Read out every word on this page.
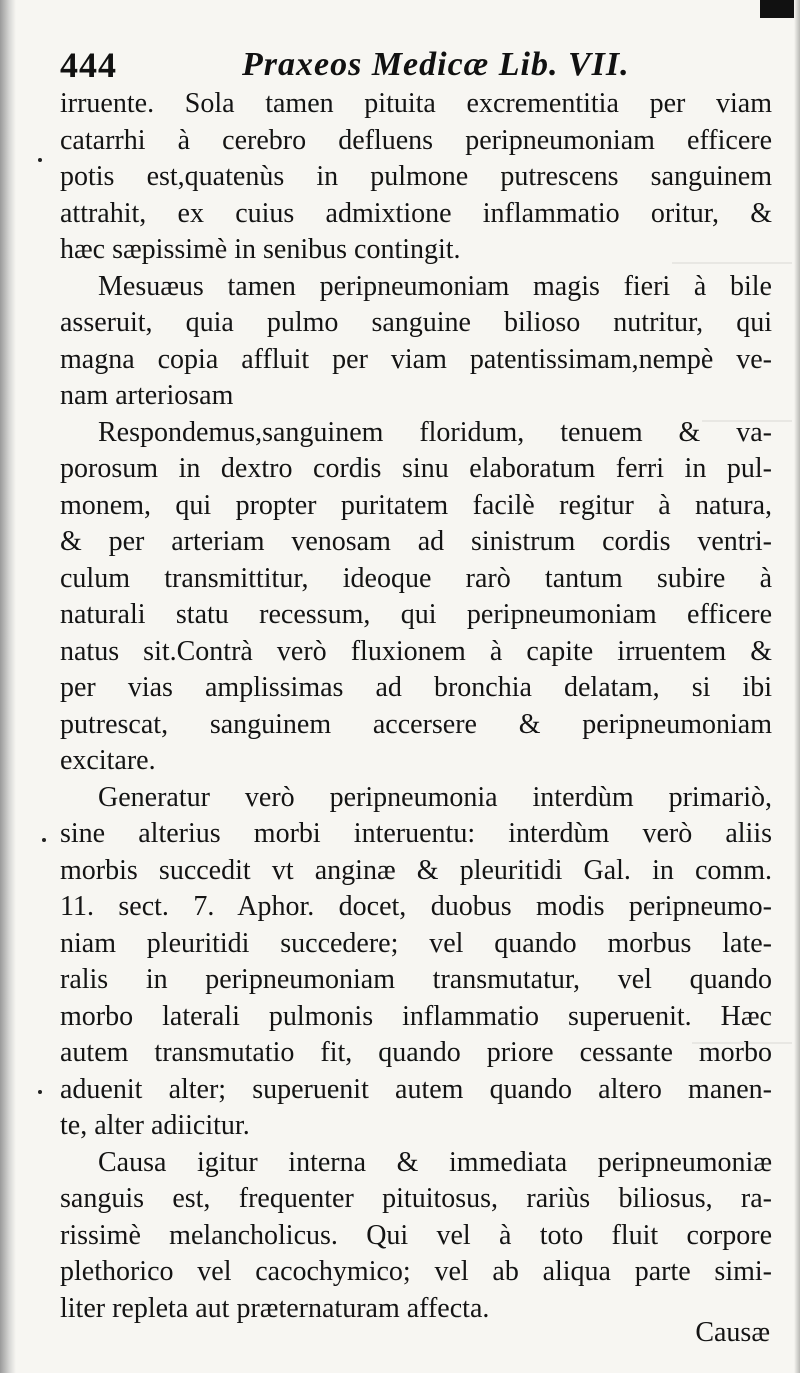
444	Praxeos Medicæ Lib. VII.
irruente. Sola tamen pituita excrementitia per viam
catarrhi à cerebro defluens peripneumoniam efficere
potis est,quatenùs in pulmone putrescens sanguinem
attrahit, ex cuius admixtione inflammatio oritur, &
hæc sæpissimè in senibus contingit.
Mesuæus tamen peripneumoniam magis fieri à bile
asseruit, quia pulmo sanguine bilioso nutritur, qui
magna copia affluit per viam patentissimam,nempè ve-
nam arteriosam
Respondemus,sanguinem floridum, tenuem & va-
porosum in dextro cordis sinu elaboratum ferri in pul-
monem, qui propter puritatem facilè regitur à natura,
& per arteriam venosam ad sinistrum cordis ventri-
culum transmittitur, ideoque rarò tantum subire à
naturali statu recessum, qui peripneumoniam efficere
natus sit.Contrà verò fluxionem à capite irruentem &
per vias amplissimas ad bronchia delatam, si ibi
putrescat, sanguinem accersere & peripneumoniam
excitare.
Generatur verò peripneumonia interdùm primariò,
sine alterius morbi interuentu: interdùm verò aliis
morbis succedit vt anginæ & pleuritidi Gal. in comm.
11. sect. 7. Aphor. docet, duobus modis peripneumo-
niam pleuritidi succedere; vel quando morbus late-
ralis in peripneumoniam transmutatur, vel quando
morbo laterali pulmonis inflammatio superuenit. Hæc
autem transmutatio fit, quando priore cessante morbo
aduenit alter; superuenit autem quando altero manen-
te, alter adiicitur.
Causa igitur interna & immediata peripneumoniæ
sanguis est, frequenter pituitosus, rariùs biliosus, ra-
rissimè melancholicus. Qui vel à toto fluit corpore
plethorico vel cacochymico; vel ab aliqua parte simi-
liter repleta aut præternaturam affecta.
Causæ
